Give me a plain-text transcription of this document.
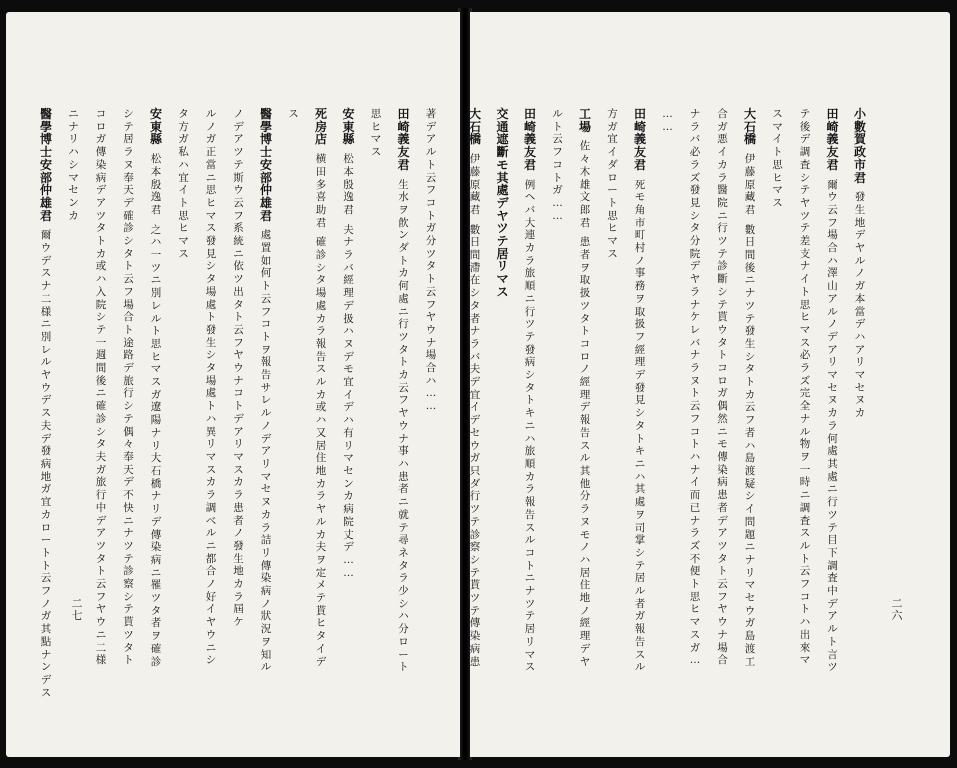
著
デ
ア
ル
ト
云
フ
コ
ト
ガ
分
ツ
タ
ト
云
フ
ヤ
ウ
ナ
場
合
ハ
…
…
田
崎
義
友
君
生
水
ヲ
飮
ン
ダ
ト
カ
何
處
ニ
行
ツ
タ
ト
カ
云
フ
ヤ
ウ
ナ
事
ハ
患
者
ニ
就
テ
尋
ネ
タ
ラ
少
シ
ハ
分
ロ
ー
ト
思
ヒ
マ
ス
安
東
縣
松
本
殷
逸
君
夫
ナ
ラ
バ
經
理
デ
扱
ハ
ヌ
デ
モ
宜
イ
デ
ハ
有
リ
マ
セ
ン
カ
病
院
丈
デ
…
…
死
房
店
横
田
多
喜
助
君
確
診
シ
タ
場
處
カ
ラ
報
告
ス
ル
カ
或
ハ
又
居
住
地
カ
ラ
ヤ
ル
カ
夫
ヲ
定
メ
テ
貰
ヒ
タ
イ
デ
ス
醫
學
博
士
安
部
仲
雄
君
處
置
如
何
ト
云
フ
コ
ト
ヲ
報
告
サ
レ
ル
ノ
デ
ア
リ
マ
セ
ヌ
カ
ラ
詰
リ
傳
染
病
ノ
狀
況
ヲ
知
ル
ノ
デ
ア
ツ
テ
斯
ウ
云
フ
系
統
ニ
依
ツ
出
タ
ト
云
フ
ヤ
ウ
ナ
コ
ト
デ
ア
リ
マ
ス
カ
ラ
患
者
ノ
發
生
地
カ
ラ
屆
ケ
ル
ノ
ガ
正
當
ニ
思
ヒ
マ
ス
發
見
シ
タ
場
處
ト
發
生
シ
タ
場
處
ト
ハ
異
リ
マ
ス
カ
ラ
調
ベ
ル
ニ
都
合
ノ
好
イ
ヤ
ウ
ニ
シ
タ
方
ガ
私
ハ
宜
イ
ト
思
ヒ
マ
ス
安
東
縣
松
本
殷
逸
君
之
ハ
一
ツ
ニ
別
レ
ル
ト
思
ヒ
マ
ス
ガ
遼
陽
ナ
リ
大
石
橋
ナ
リ
デ
傳
染
病
ニ
罹
ツ
タ
者
ヲ
確
診
シ
テ
居
ラ
ヌ
奉
天
デ
確
診
シ
タ
ト
云
フ
場
合
ト
途
路
デ
旅
行
シ
テ
偶
々
奉
天
デ
不
快
ニ
ナ
ツ
テ
診
察
シ
テ
貰
ツ
タ
ト
コ
ロ
ガ
傳
染
病
デ
ア
ツ
タ
ト
カ
或
ハ
入
院
シ
テ
一
週
間
後
ニ
確
診
シ
タ
夫
ガ
旅
行
中
デ
ア
ツ
タ
ト
云
フ
ヤ
ウ
ニ
二
様
ニ
ナ
リ
ハ
シ
マ
セ
ン
カ
醫
學
博
士
安
部
仲
雄
君
爾
ウ
デ
ス
ナ
二
様
ニ
別
レ
ル
ヤ
ウ
デ
ス
夫
デ
發
病
地
ガ
宜
カ
ロ
ー
ト
ト
云
フ
ノ
ガ
其
點
ナ
ン
デ
ス
二
七
小
數
賀
政
市
君
發
生
地
デ
ヤ
ル
ノ
ガ
本
當
デ
ハ
ア
リ
マ
セ
ヌ
カ
田
崎
義
友
君
爾
ウ
云
フ
場
合
ハ
澤
山
ア
ル
ノ
デ
ア
リ
マ
セ
ヌ
カ
ラ
何
處
其
處
ニ
行
ツ
テ
目
下
調
査
中
デ
ア
ル
ト
言
ツ
テ
後
デ
調
査
シ
テ
ヤ
ツ
テ
差
支
ナ
イ
ト
思
ヒ
マ
ス
必
ラ
ズ
完
全
ナ
ル
物
ヲ
一
時
ニ
調
査
ス
ル
ト
云
フ
コ
ト
ハ
出
來
マ
ス
マ
イ
ト
思
ヒ
マ
ス
大
石
橋
伊
藤
原
藏
君
數
日
間
後
ニ
ナ
ツ
テ
發
生
シ
タ
ト
カ
云
フ
者
ハ
島
渡
疑
シ
イ
問
題
ニ
ナ
リ
マ
セ
ウ
ガ
島
渡
工
合
ガ
悪
イ
カ
ラ
醫
院
ニ
行
ツ
テ
診
斷
シ
テ
貰
ウ
タ
ト
コ
ロ
ガ
偶
然
ニ
モ
傳
染
病
患
者
デ
ア
ツ
タ
ト
云
フ
ヤ
ウ
ナ
場
合
ナ
ラ
バ
必
ラ
ズ
發
見
シ
タ
分
院
デ
ヤ
ラ
ナ
ケ
レ
バ
ナ
ラ
ヌ
ト
云
フ
コ
ト
ハ
ナ
イ
而
已
ナ
ラ
ズ
不
便
ト
思
ヒ
マ
ス
ガ
…
…
…
田
崎
義
友
君
死
モ
角
市
町
村
ノ
事
務
ヲ
取
扱
フ
經
理
デ
發
見
シ
タ
ト
キ
ニ
ハ
其
處
ヲ
司
掌
シ
テ
居
ル
者
ガ
報
告
ス
ル
方
ガ
宜
イ
ダ
ロ
ー
ト
思
ヒ
マ
ス
工
場
佐
々
木
雄
文
郎
君
患
者
ヲ
取
扱
ツ
タ
ト
コ
ロ
ノ
經
理
デ
報
告
ス
ル
其
他
分
ラ
ヌ
モ
ノ
ハ
居
住
地
ノ
經
理
デ
ヤ
ル
ト
云
フ
コ
ト
ガ
…
…
田
崎
義
友
君
例
ヘ
バ
大
連
カ
ラ
旅
順
ニ
行
ツ
テ
發
病
シ
タ
ト
キ
ニ
ハ
旅
順
カ
ラ
報
告
ス
ル
コ
ト
ニ
ナ
ツ
テ
居
リ
マ
ス
交
通
遮
斷
モ
其
處
デ
ヤ
ツ
テ
居
リ
マ
ス
大
石
橋
伊
藤
原
藏
君
數
日
間
滯
在
シ
タ
者
ナ
ラ
バ
夫
デ
宜
イ
デ
セ
ウ
ガ
只
ダ
行
ツ
テ
診
察
シ
テ
貰
ツ
テ
傳
染
病
患
二
六
